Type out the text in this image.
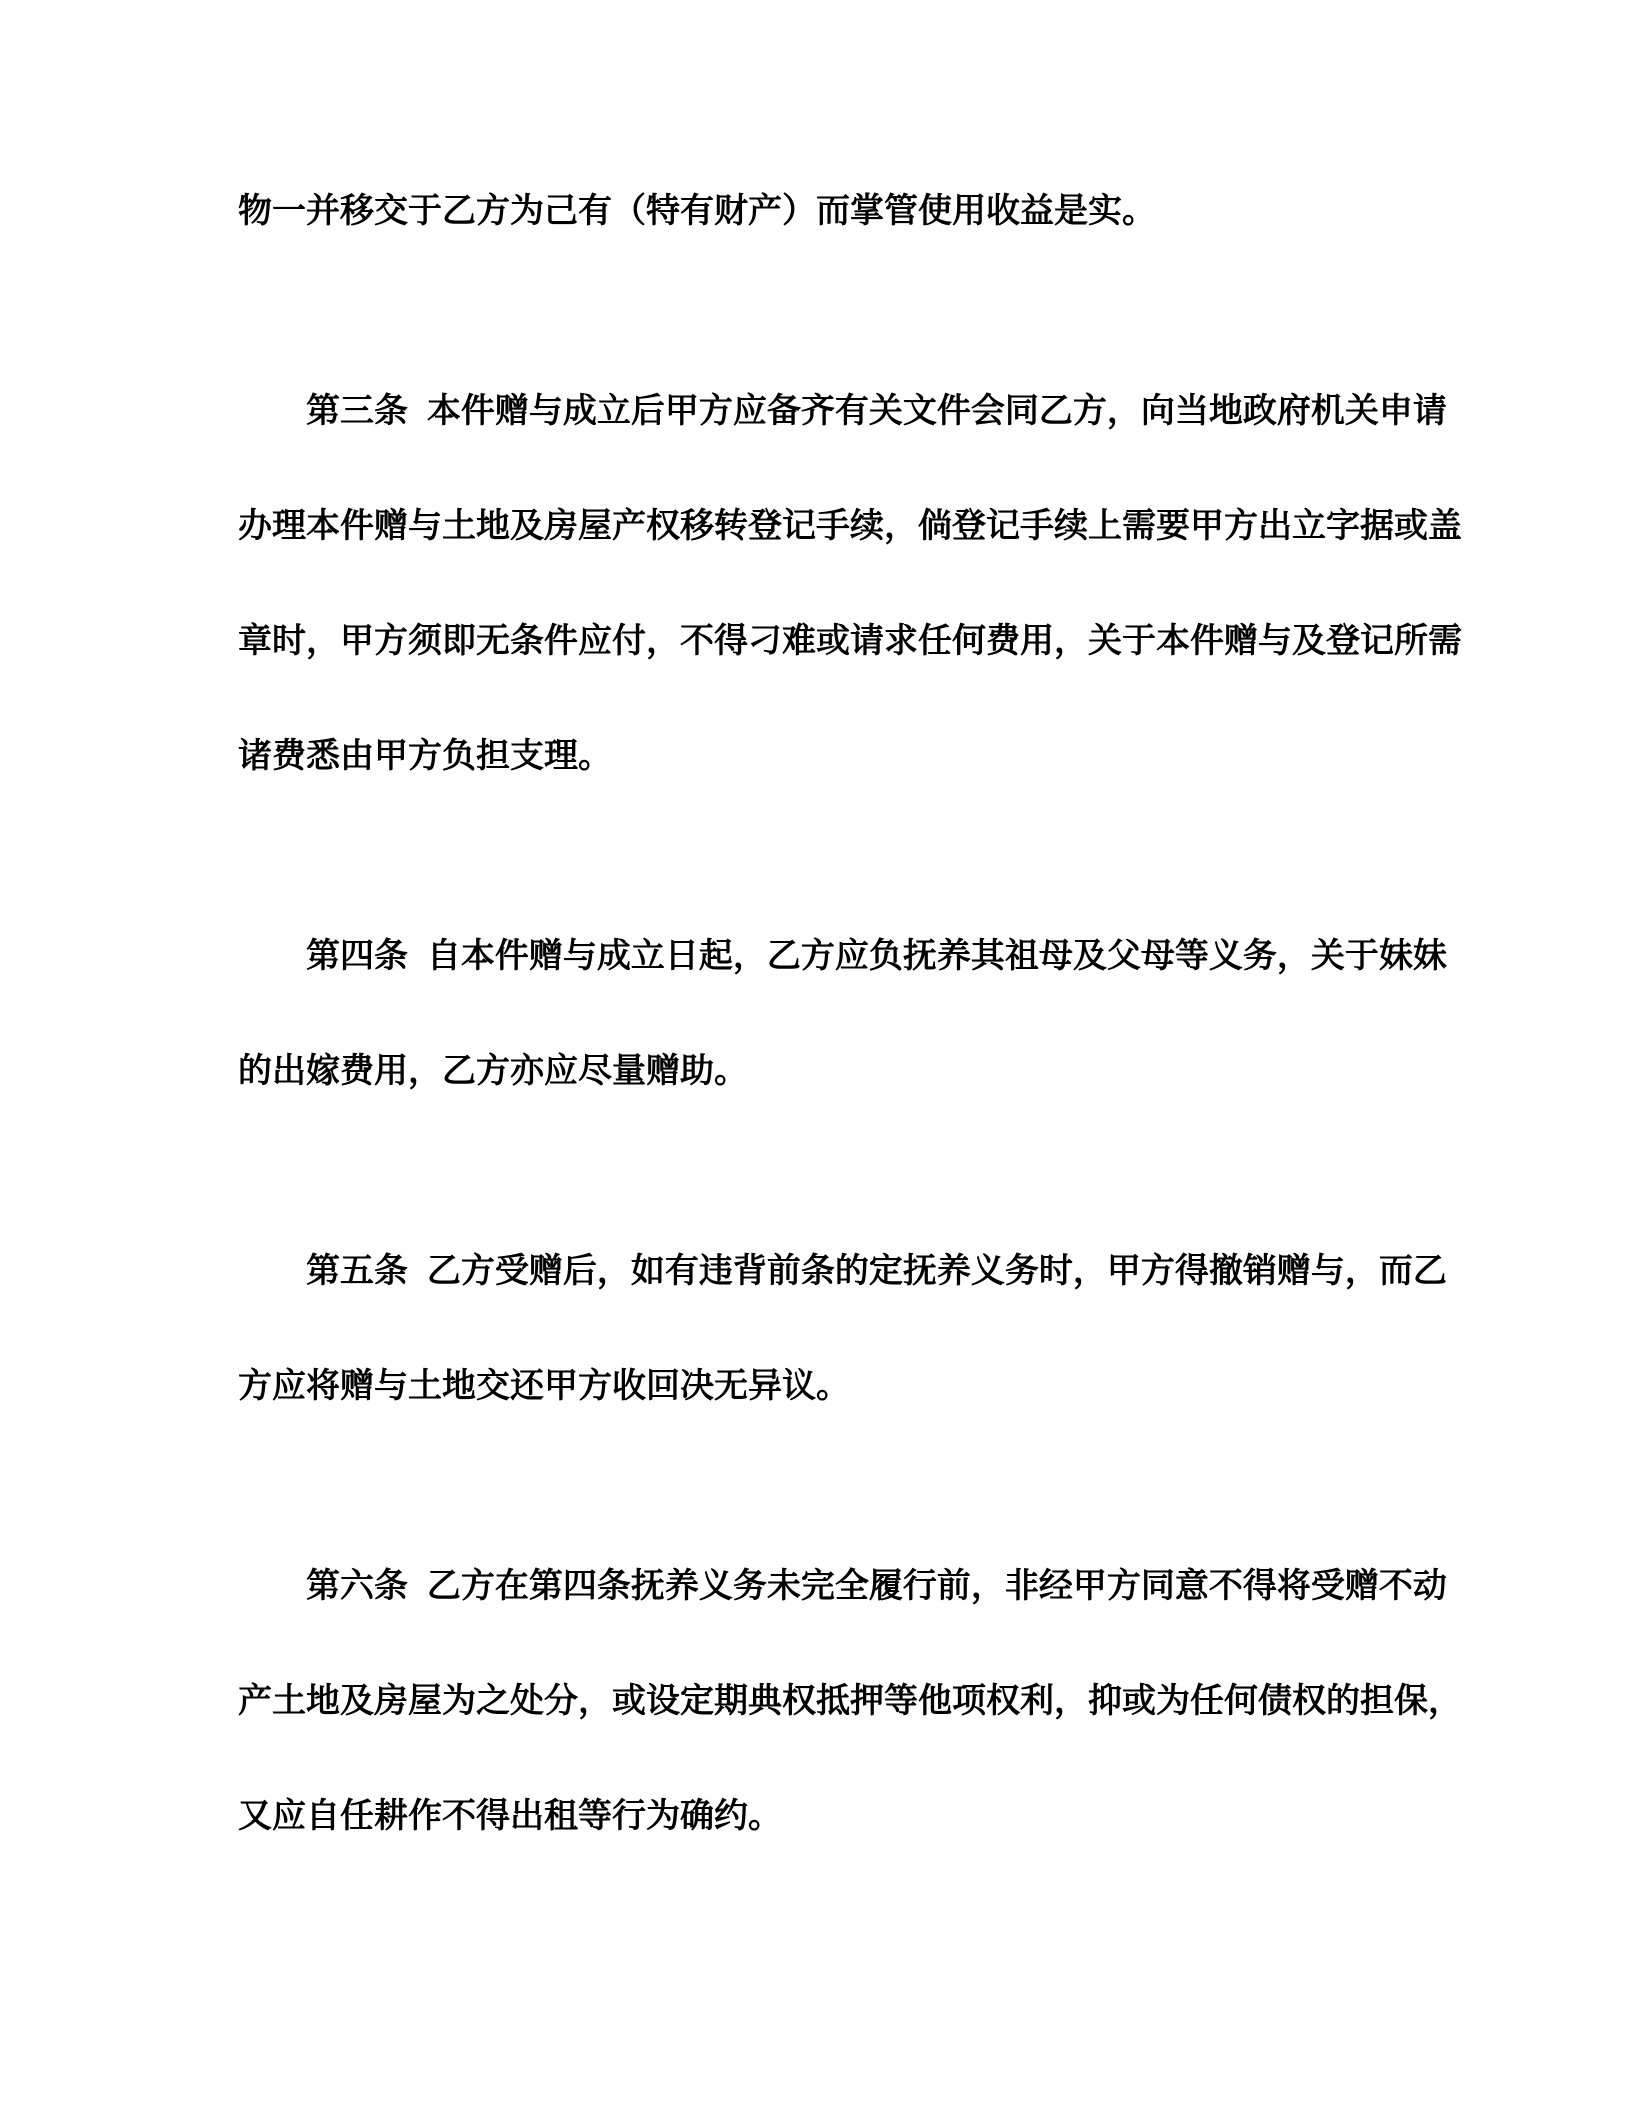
物一并移交于乙方为己有（特有财产）而掌管使用收益是实。
第三条  本件赠与成立后甲方应备齐有关文件会同乙方，向当地政府机关申请
办理本件赠与土地及房屋产权移转登记手续，倘登记手续上需要甲方出立字据或盖
章时，甲方须即无条件应付，不得刁难或请求任何费用，关于本件赠与及登记所需
诸费悉由甲方负担支理。
第四条  自本件赠与成立日起，乙方应负抚养其祖母及父母等义务，关于妹妹
的出嫁费用，乙方亦应尽量赠助。
第五条  乙方受赠后，如有违背前条的定抚养义务时，甲方得撤销赠与，而乙
方应将赠与土地交还甲方收回决无异议。
第六条  乙方在第四条抚养义务未完全履行前，非经甲方同意不得将受赠不动
产土地及房屋为之处分，或设定期典权抵押等他项权利，抑或为任何债权的担保，
又应自任耕作不得出租等行为确约。
